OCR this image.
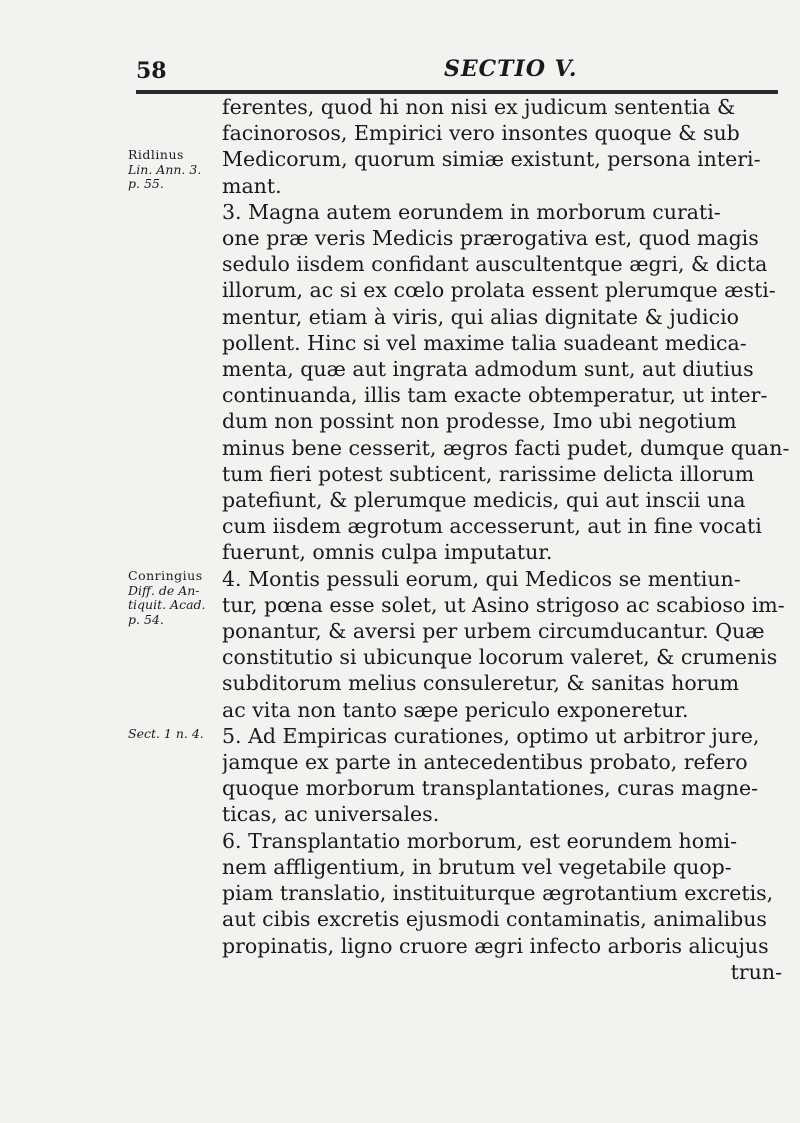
58	SECTIO V.
Ridlinus
Lin. Ann. 3.
p. 55.
Conringius
Diff. de An-
tiquit. Acad.
p. 54.
Sect. 1 n. 4.
ferentes, quod hi non nisi ex judicum sententia &
facinorosos, Empirici vero insontes quoque & sub
Medicorum, quorum simiæ existunt, persona interi-
mant.
3. Magna autem eorundem in morborum curati-
one præ veris Medicis prærogativa est, quod magis
sedulo iisdem confidant auscultentque ægri, & dicta
illorum, ac si ex cœlo prolata essent plerumque æsti-
mentur, etiam à viris, qui alias dignitate & judicio
pollent. Hinc si vel maxime talia suadeant medica-
menta, quæ aut ingrata admodum sunt, aut diutius
continuanda, illis tam exacte obtemperatur, ut inter-
dum non possint non prodesse, Imo ubi negotium
minus bene cesserit, ægros facti pudet, dumque quan-
tum fieri potest subticent, rarissime delicta illorum
patefiunt, & plerumque medicis, qui aut inscii una
cum iisdem ægrotum accesserunt, aut in fine vocati
fuerunt, omnis culpa imputatur.
4. Montis pessuli eorum, qui Medicos se mentiun-
tur, pœna esse solet, ut Asino strigoso ac scabioso im-
ponantur, & aversi per urbem circumducantur. Quæ
constitutio si ubicunque locorum valeret, & crumenis
subditorum melius consuleretur, & sanitas horum
ac vita non tanto sæpe periculo exponeretur.
5. Ad Empiricas curationes, optimo ut arbitror jure,
jamque ex parte in antecedentibus probato, refero
quoque morborum transplantationes, curas magne-
ticas, ac universales.
6. Transplantatio morborum, est eorundem homi-
nem affligentium, in brutum vel vegetabile quop-
piam translatio, instituiturque ægrotantium excretis,
aut cibis excretis ejusmodi contaminatis, animalibus
propinatis, ligno cruore ægri infecto arboris alicujus
trun-
